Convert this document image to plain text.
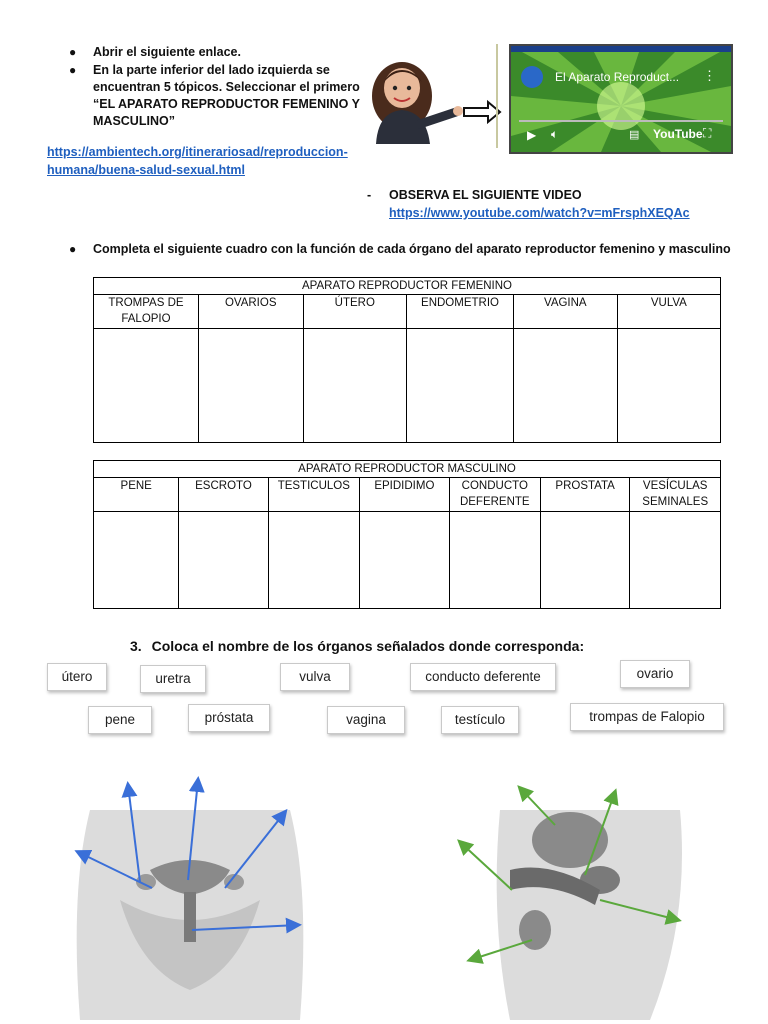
● Abrir el siguiente enlace.
● En la parte inferior del lado izquierda se
encuentran 5 tópicos. Seleccionar el primero
“EL APARATO REPRODUCTOR FEMENINO Y
MASCULINO”
https://ambientech.org/itinerariosad/reproduccion-
humana/buena-salud-sexual.html
El Aparato Reproduct... ⋮
▶ 🔈︎	▤ YouTube ⛶
- OBSERVA EL SIGUIENTE VIDEO
https://www.youtube.com/watch?v=mFrsphXEQAc
● Completa el siguiente cuadro con la función de cada órgano del aparato reproductor femenino y masculino
APARATO REPRODUCTOR FEMENINO					
TROMPAS DE FALOPIO	OVARIOS	ÚTERO	ENDOMETRIO	VAGINA	VULVA

APARATO REPRODUCTOR MASCULINO						
PENE	ESCROTO	TESTICULOS	EPIDIDIMO	CONDUCTO DEFERENTE	PROSTATA	VESÍCULAS SEMINALES

3. Coloca el nombre de los órganos señalados donde corresponda:
útero	uretra	vulva	conducto deferente	ovario
pene	próstata	vagina	testículo	trompas de Falopio
